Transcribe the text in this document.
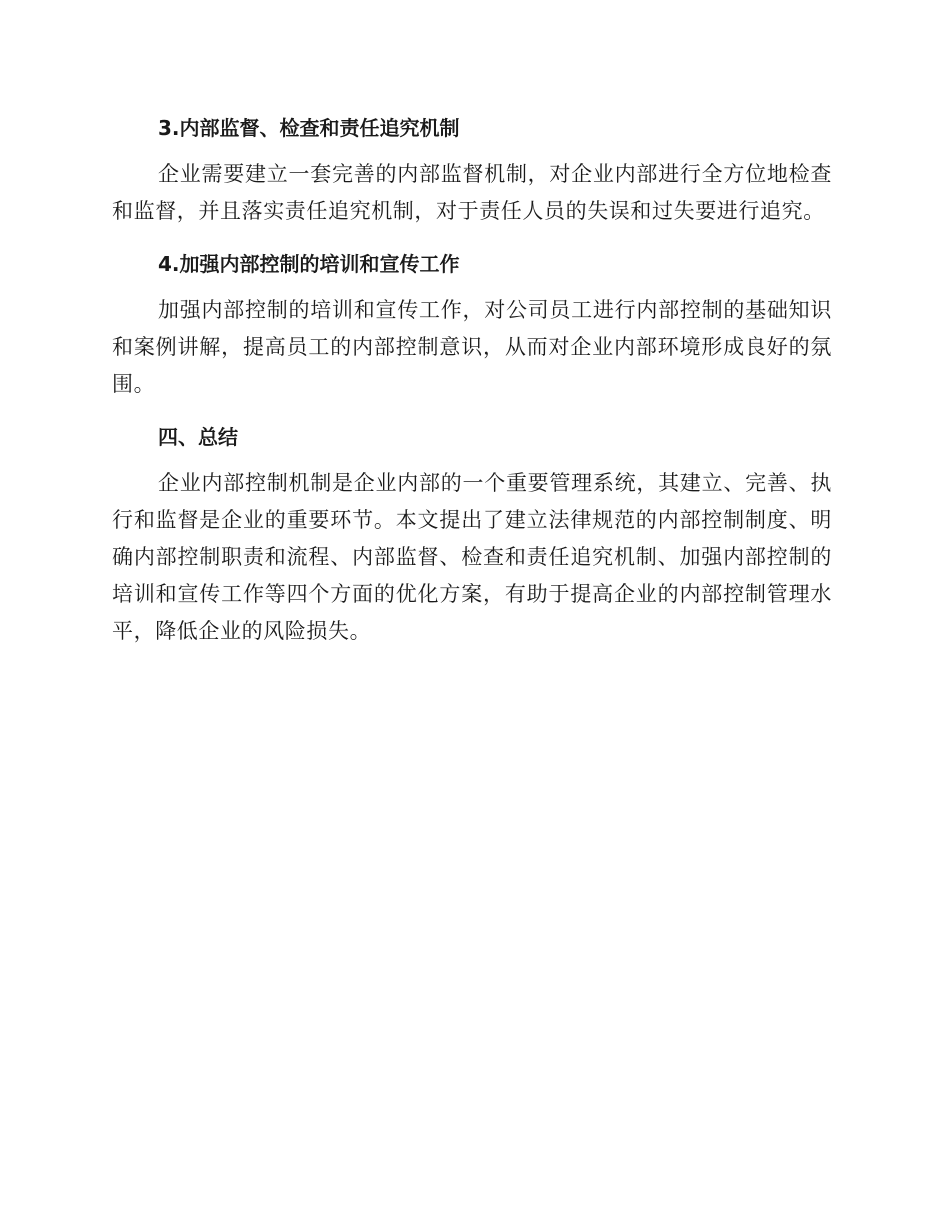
3.内部监督、检查和责任追究机制

企业需要建立一套完善的内部监督机制，对企业内部进行全方位地检查和监督，并且落实责任追究机制，对于责任人员的失误和过失要进行追究。

4.加强内部控制的培训和宣传工作

加强内部控制的培训和宣传工作，对公司员工进行内部控制的基础知识和案例讲解，提高员工的内部控制意识，从而对企业内部环境形成良好的氛围。

四、总结

企业内部控制机制是企业内部的一个重要管理系统，其建立、完善、执行和监督是企业的重要环节。本文提出了建立法律规范的内部控制制度、明确内部控制职责和流程、内部监督、检查和责任追究机制、加强内部控制的培训和宣传工作等四个方面的优化方案，有助于提高企业的内部控制管理水平，降低企业的风险损失。
